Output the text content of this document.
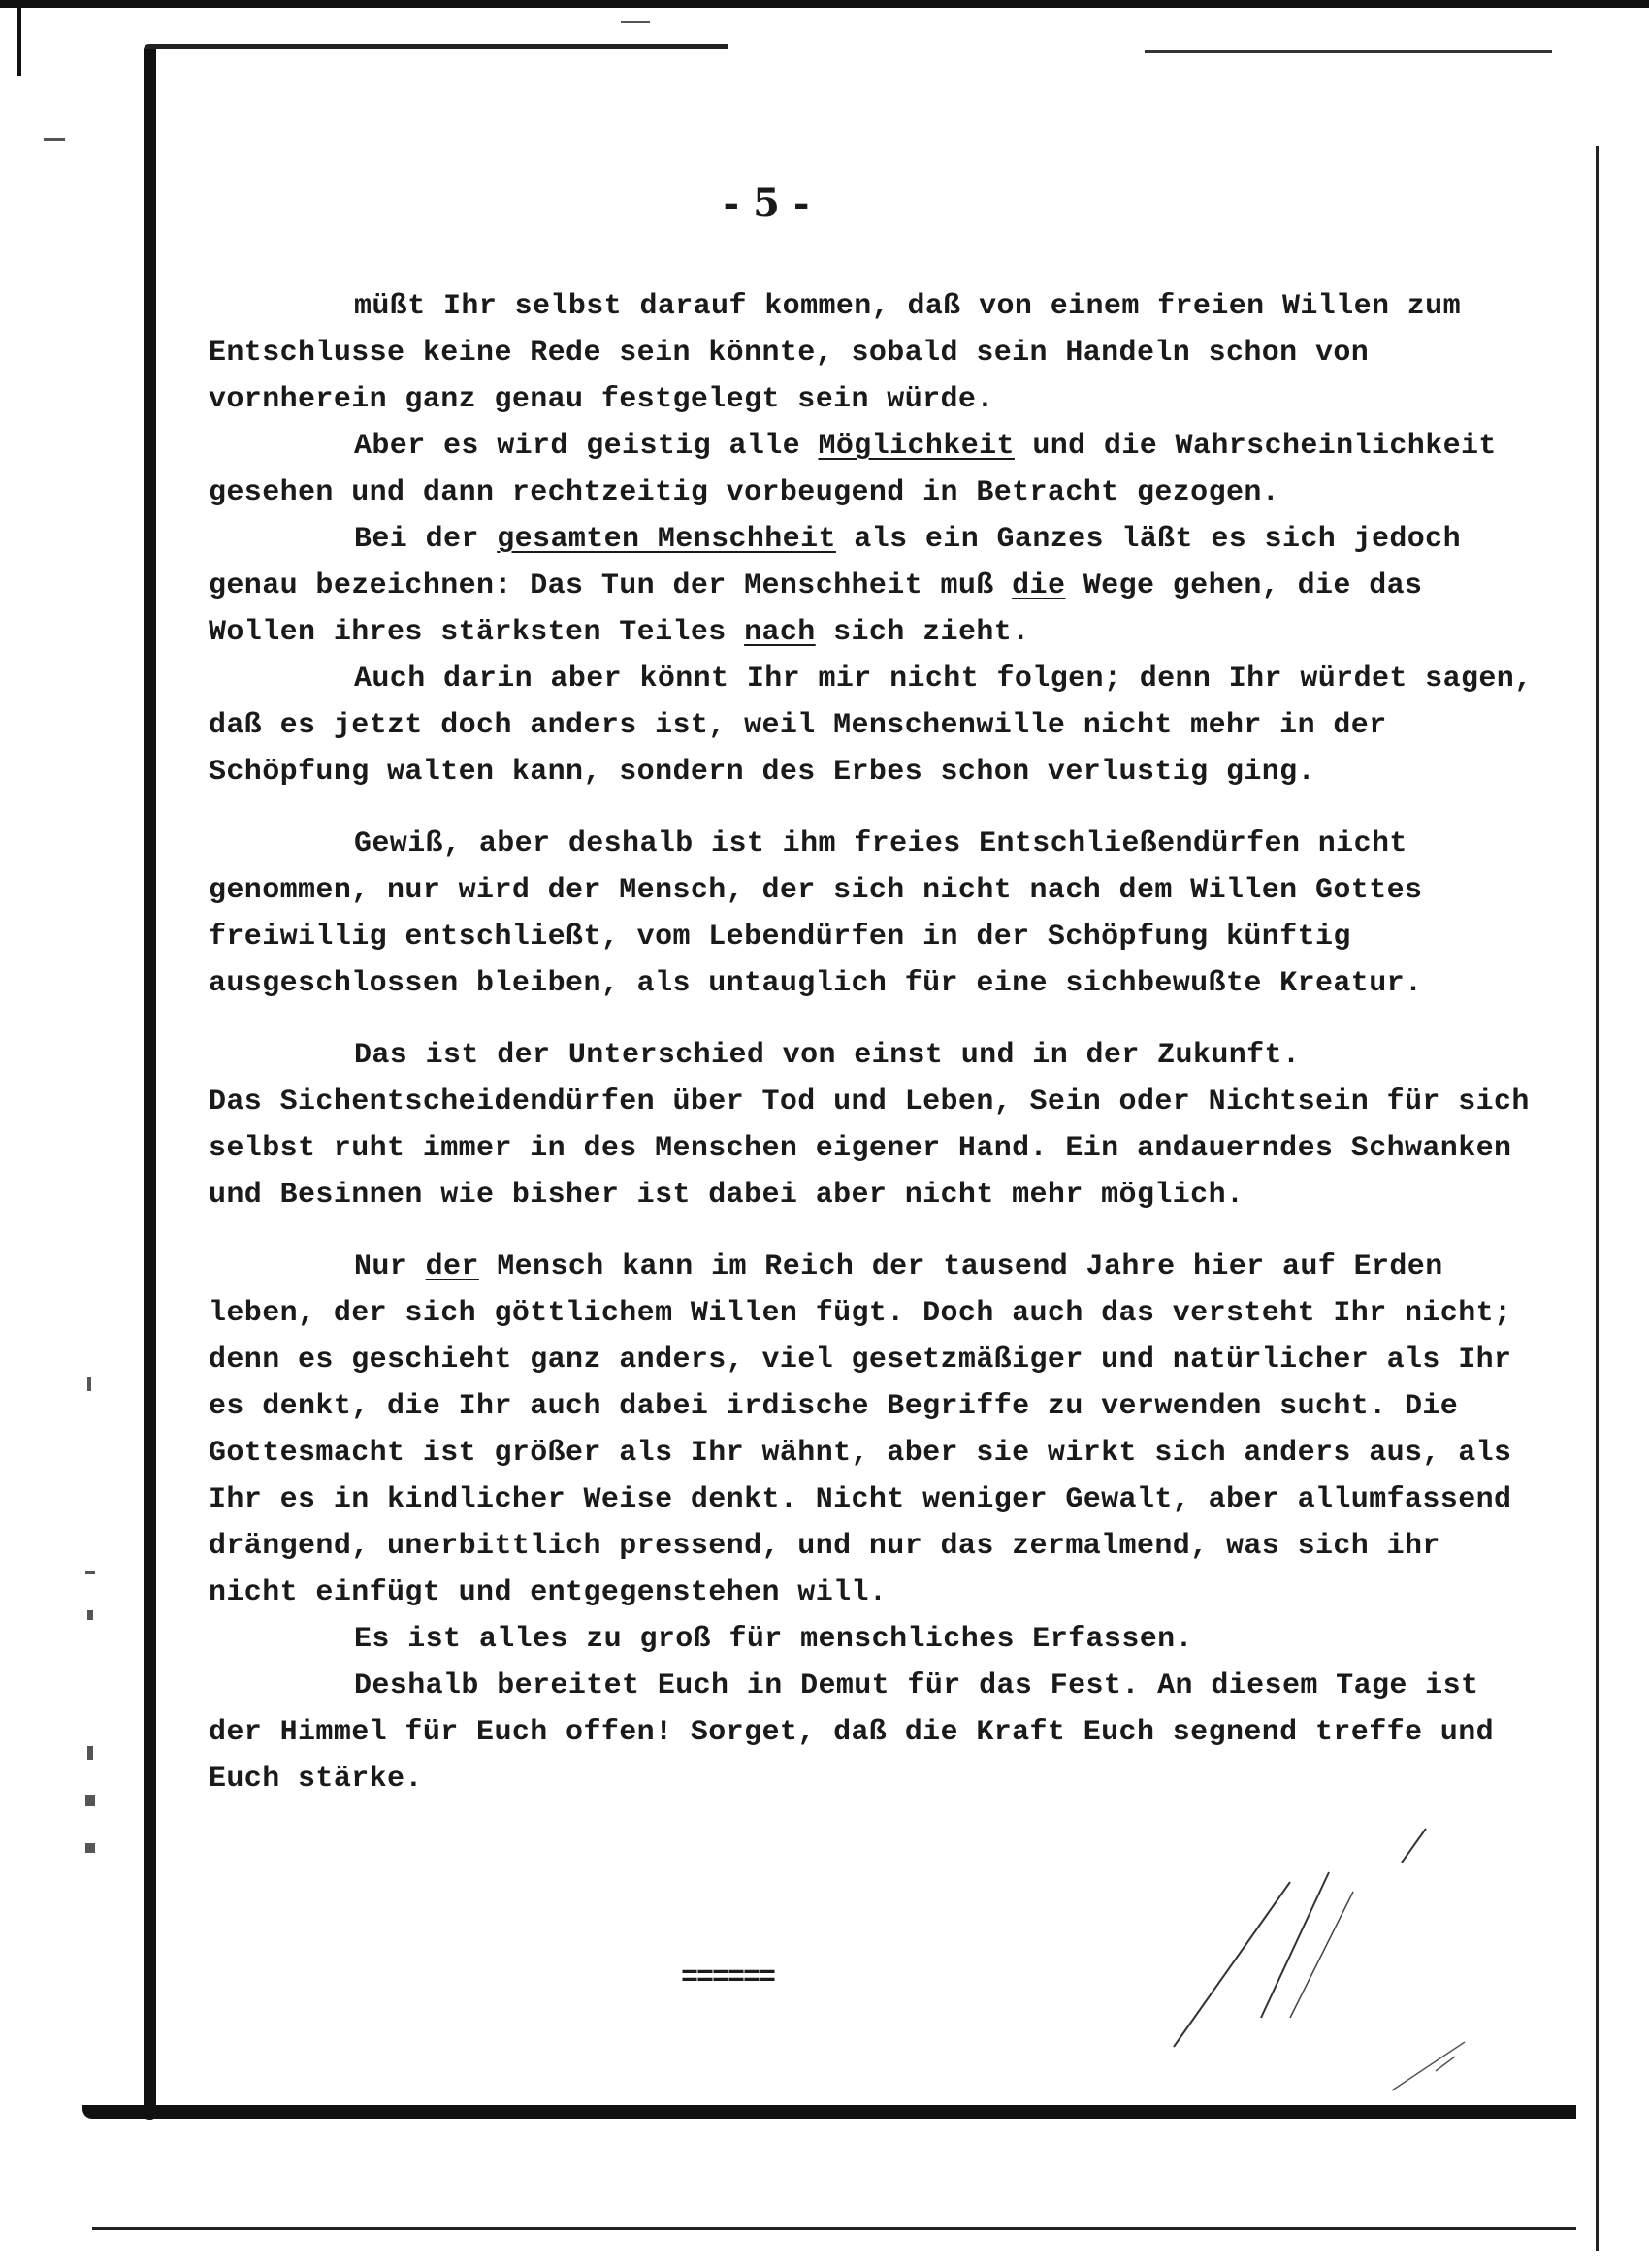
- 5 -

müßt Ihr selbst darauf kommen, daß von einem freien Willen zum Entschlusse keine Rede sein könnte, sobald sein Handeln schon von vornherein ganz genau festgelegt sein würde.

Aber es wird geistig alle Möglichkeit und die Wahrscheinlichkeit gesehen und dann rechtzeitig vorbeugend in Betracht gezogen.

Bei der gesamten Menschheit als ein Ganzes läßt es sich jedoch genau bezeichnen: Das Tun der Menschheit muß die Wege gehen, die das Wollen ihres stärksten Teiles nach sich zieht.

Auch darin aber könnt Ihr mir nicht folgen; denn Ihr würdet sagen, daß es jetzt doch anders ist, weil Menschenwille nicht mehr in der Schöpfung walten kann, sondern des Erbes schon verlustig ging.

Gewiß, aber deshalb ist ihm freies Entschließendürfen nicht genommen, nur wird der Mensch, der sich nicht nach dem Willen Gottes freiwillig entschließt, vom Lebendürfen in der Schöpfung künftig ausgeschlossen bleiben, als untauglich für eine sichbewußte Kreatur.

Das ist der Unterschied von einst und in der Zukunft.

Das Sichentscheidendürfen über Tod und Leben, Sein oder Nichtsein für sich selbst ruht immer in des Menschen eigener Hand. Ein andauerndes Schwanken und Besinnen wie bisher ist dabei aber nicht mehr möglich.

Nur der Mensch kann im Reich der tausend Jahre hier auf Erden leben, der sich göttlichem Willen fügt. Doch auch das versteht Ihr nicht; denn es geschieht ganz anders, viel gesetzmäßiger und natürlicher als Ihr es denkt, die Ihr auch dabei irdische Begriffe zu verwenden sucht. Die Gottesmacht ist größer als Ihr wähnt, aber sie wirkt sich anders aus, als Ihr es in kindlicher Weise denkt. Nicht weniger Gewalt, aber allumfassend drängend, unerbittlich pressend, und nur das zermalmend, was sich ihr nicht einfügt und entgegenstehen will.

Es ist alles zu groß für menschliches Erfassen.

Deshalb bereitet Euch in Demut für das Fest. An diesem Tage ist der Himmel für Euch offen! Sorget, daß die Kraft Euch segnend treffe und Euch stärke.

======
